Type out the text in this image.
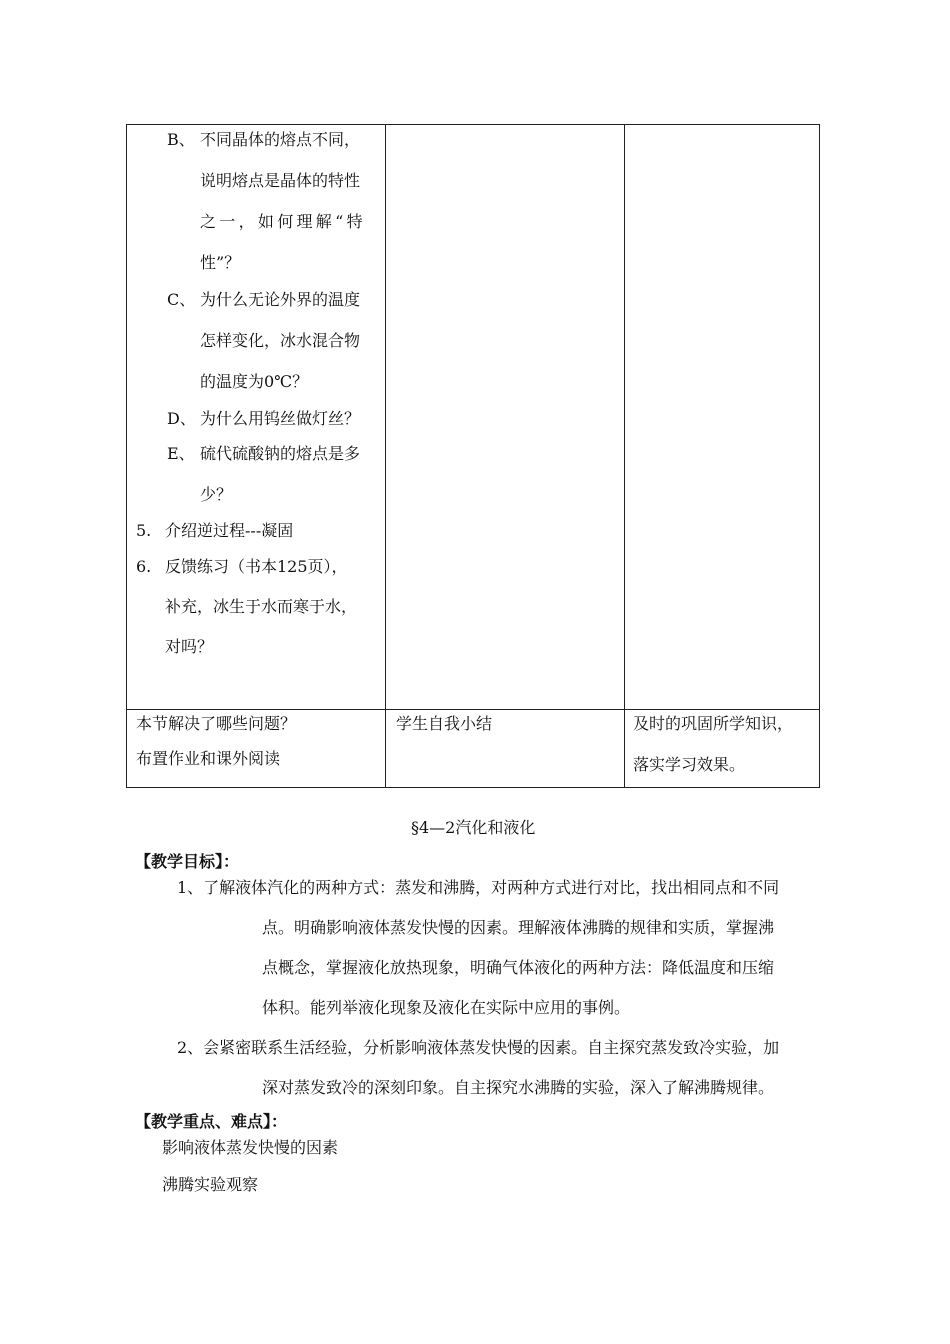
B、 不同晶体的熔点不同，
说明熔点是晶体的特性
之一，如何理解“特
性”？
C、 为什么无论外界的温度
怎样变化，冰水混合物
的温度为0℃？
D、 为什么用钨丝做灯丝？
E、 硫代硫酸钠的熔点是多
少？
5. 介绍逆过程---凝固
6. 反馈练习（书本125页），
补充，冰生于水而寒于水，
对吗？
本节解决了哪些问题？
布置作业和课外阅读
学生自我小结	及时的巩固所学知识，
落实学习效果。
§4—2汽化和液化
【教学目标】：
1、了解液体汽化的两种方式：蒸发和沸腾，对两种方式进行对比，找出相同点和不同
点。明确影响液体蒸发快慢的因素。理解液体沸腾的规律和实质，掌握沸
点概念，掌握液化放热现象，明确气体液化的两种方法：降低温度和压缩
体积。能列举液化现象及液化在实际中应用的事例。
2、会紧密联系生活经验，分析影响液体蒸发快慢的因素。自主探究蒸发致冷实验，加
深对蒸发致冷的深刻印象。自主探究水沸腾的实验，深入了解沸腾规律。
【教学重点、难点】：
影响液体蒸发快慢的因素
沸腾实验观察
